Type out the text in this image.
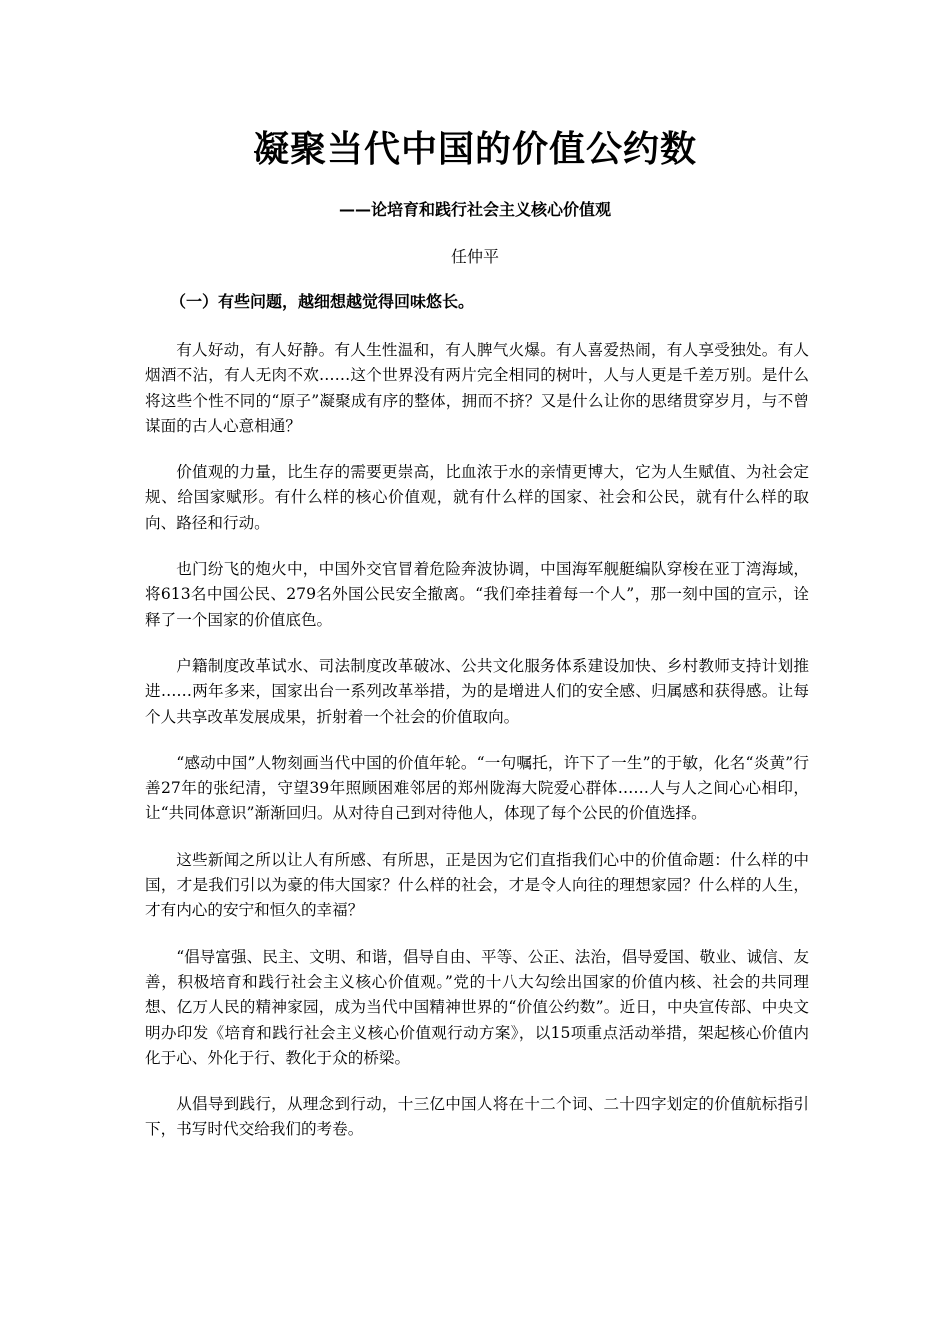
凝聚当代中国的价值公约数
——论培育和践行社会主义核心价值观

任仲平

（一）有些问题，越细想越觉得回味悠长。

有人好动，有人好静。有人生性温和，有人脾气火爆。有人喜爱热闹，有人享受独处。有人烟酒不沾，有人无肉不欢……这个世界没有两片完全相同的树叶，人与人更是千差万别。是什么将这些个性不同的“原子”凝聚成有序的整体，拥而不挤？又是什么让你的思绪贯穿岁月，与不曾谋面的古人心意相通？

价值观的力量，比生存的需要更崇高，比血浓于水的亲情更博大，它为人生赋值、为社会定规、给国家赋形。有什么样的核心价值观，就有什么样的国家、社会和公民，就有什么样的取向、路径和行动。

也门纷飞的炮火中，中国外交官冒着危险奔波协调，中国海军舰艇编队穿梭在亚丁湾海域，将613名中国公民、279名外国公民安全撤离。“我们牵挂着每一个人”，那一刻中国的宣示，诠释了一个国家的价值底色。

户籍制度改革试水、司法制度改革破冰、公共文化服务体系建设加快、乡村教师支持计划推进……两年多来，国家出台一系列改革举措，为的是增进人们的安全感、归属感和获得感。让每个人共享改革发展成果，折射着一个社会的价值取向。

“感动中国”人物刻画当代中国的价值年轮。“一句嘱托，许下了一生”的于敏，化名“炎黄”行善27年的张纪清，守望39年照顾困难邻居的郑州陇海大院爱心群体……人与人之间心心相印，让“共同体意识”渐渐回归。从对待自己到对待他人，体现了每个公民的价值选择。

这些新闻之所以让人有所感、有所思，正是因为它们直指我们心中的价值命题：什么样的中国，才是我们引以为豪的伟大国家？什么样的社会，才是令人向往的理想家园？什么样的人生，才有内心的安宁和恒久的幸福？

“倡导富强、民主、文明、和谐，倡导自由、平等、公正、法治，倡导爱国、敬业、诚信、友善，积极培育和践行社会主义核心价值观。”党的十八大勾绘出国家的价值内核、社会的共同理想、亿万人民的精神家园，成为当代中国精神世界的“价值公约数”。近日，中央宣传部、中央文明办印发《培育和践行社会主义核心价值观行动方案》，以15项重点活动举措，架起核心价值内化于心、外化于行、教化于众的桥梁。

从倡导到践行，从理念到行动，十三亿中国人将在十二个词、二十四字划定的价值航标指引下，书写时代交给我们的考卷。
